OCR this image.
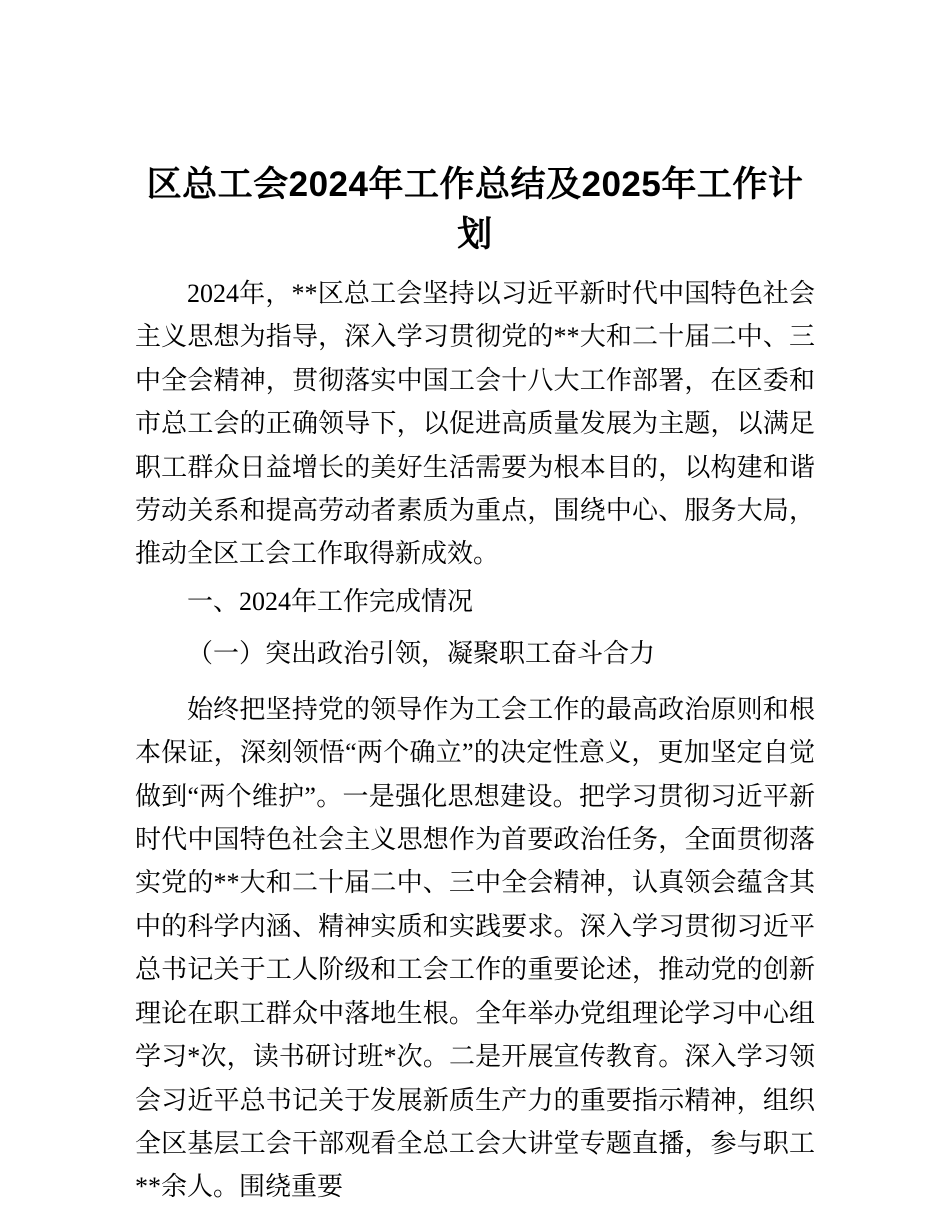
区总工会2024年工作总结及2025年工作计划

2024年，**区总工会坚持以习近平新时代中国特色社会主义思想为指导，深入学习贯彻党的**大和二十届二中、三中全会精神，贯彻落实中国工会十八大工作部署，在区委和市总工会的正确领导下，以促进高质量发展为主题，以满足职工群众日益增长的美好生活需要为根本目的，以构建和谐劳动关系和提高劳动者素质为重点，围绕中心、服务大局，推动全区工会工作取得新成效。

一、2024年工作完成情况

（一）突出政治引领，凝聚职工奋斗合力

始终把坚持党的领导作为工会工作的最高政治原则和根本保证，深刻领悟“两个确立”的决定性意义，更加坚定自觉做到“两个维护”。一是强化思想建设。把学习贯彻习近平新时代中国特色社会主义思想作为首要政治任务，全面贯彻落实党的**大和二十届二中、三中全会精神，认真领会蕴含其中的科学内涵、精神实质和实践要求。深入学习贯彻习近平总书记关于工人阶级和工会工作的重要论述，推动党的创新理论在职工群众中落地生根。全年举办党组理论学习中心组学习*次，读书研讨班*次。二是开展宣传教育。深入学习领会习近平总书记关于发展新质生产力的重要指示精神，组织全区基层工会干部观看全总工会大讲堂专题直播，参与职工**余人。围绕重要
